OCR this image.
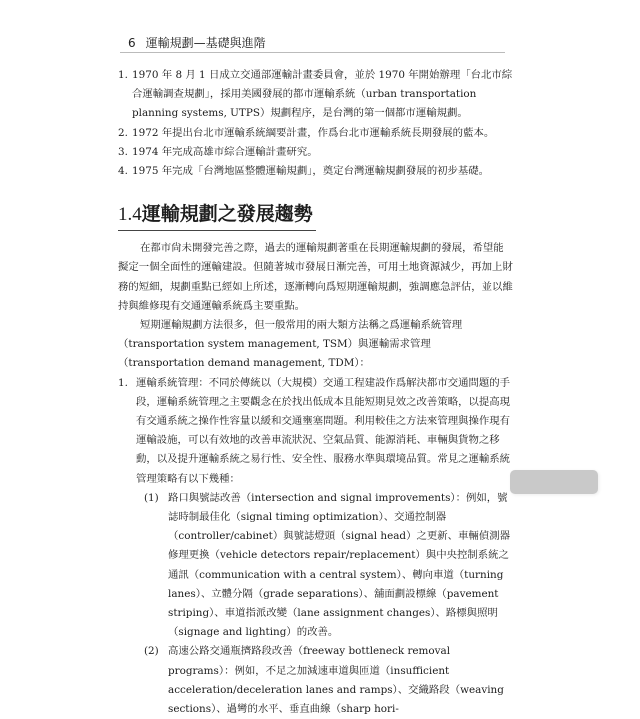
6 運輸規劃—基礎與進階
1. 1970 年 8 月 1 日成立交通部運輸計畫委員會，並於 1970 年開始辦理「台北市綜合運輸調查規劃」，採用美國發展的都市運輸系統（urban transportation planning systems, UTPS）規劃程序，是台灣的第一個都市運輸規劃。
2. 1972 年提出台北市運輸系統綱要計畫，作爲台北市運輸系統長期發展的藍本。
3. 1974 年完成高雄市綜合運輸計畫研究。
4. 1975 年完成「台灣地區整體運輸規劃」，奠定台灣運輸規劃發展的初步基礎。
1.4運輸規劃之發展趨勢

在都市尙未開發完善之際，過去的運輸規劃著重在長期運輸規劃的發展，希望能擬定一個全面性的運輸建設。但隨著城市發展日漸完善，可用土地資源減少，再加上財務的短細，規劃重點已經如上所述，逐漸轉向爲短期運輸規劃，強調應急評估，並以維持與維修現有交通運輸系統爲主要重點。

短期運輸規劃方法很多，但一般常用的兩大類方法稱之爲運輸系統管理（transportation system management, TSM）與運輸需求管理（transportation demand management, TDM）：

1. 運輸系統管理：不同於傳統以（大規模）交通工程建設作爲解決都市交通問題的手段，運輸系統管理之主要觀念在於找出低成本且能短期見效之改善策略，以提高現有交通系統之操作性容量以緩和交通壅塞問題。利用較佳之方法來管理與操作現有運輸設施，可以有效地的改善車流狀況、空氣品質、能源消耗、車輛與貨物之移動，以及提升運輸系統之易行性、安全性、服務水準與環境品質。常見之運輸系統管理策略有以下幾種：

(1) 路口與號誌改善（intersection and signal improvements）：例如，號誌時制最佳化（signal timing optimization）、交通控制器（controller/cabinet）與號誌燈頭（signal head）之更新、車輛偵測器修理更換（vehicle detectors repair/replacement）與中央控制系統之通訊（communication with a central system）、轉向車道（turning lanes）、立體分隔（grade separations）、舖面劃設標線（pavement striping）、車道指派改變（lane assignment changes）、路標與照明（signage and lighting）的改善。

(2) 高速公路交通瓶擠路段改善（freeway bottleneck removal programs）：例如，不足之加減速車道與匝道（insufficient acceleration/deceleration lanes and ramps）、交織路段（weaving sections）、過彎的水平、垂直曲線（sharp hori-
